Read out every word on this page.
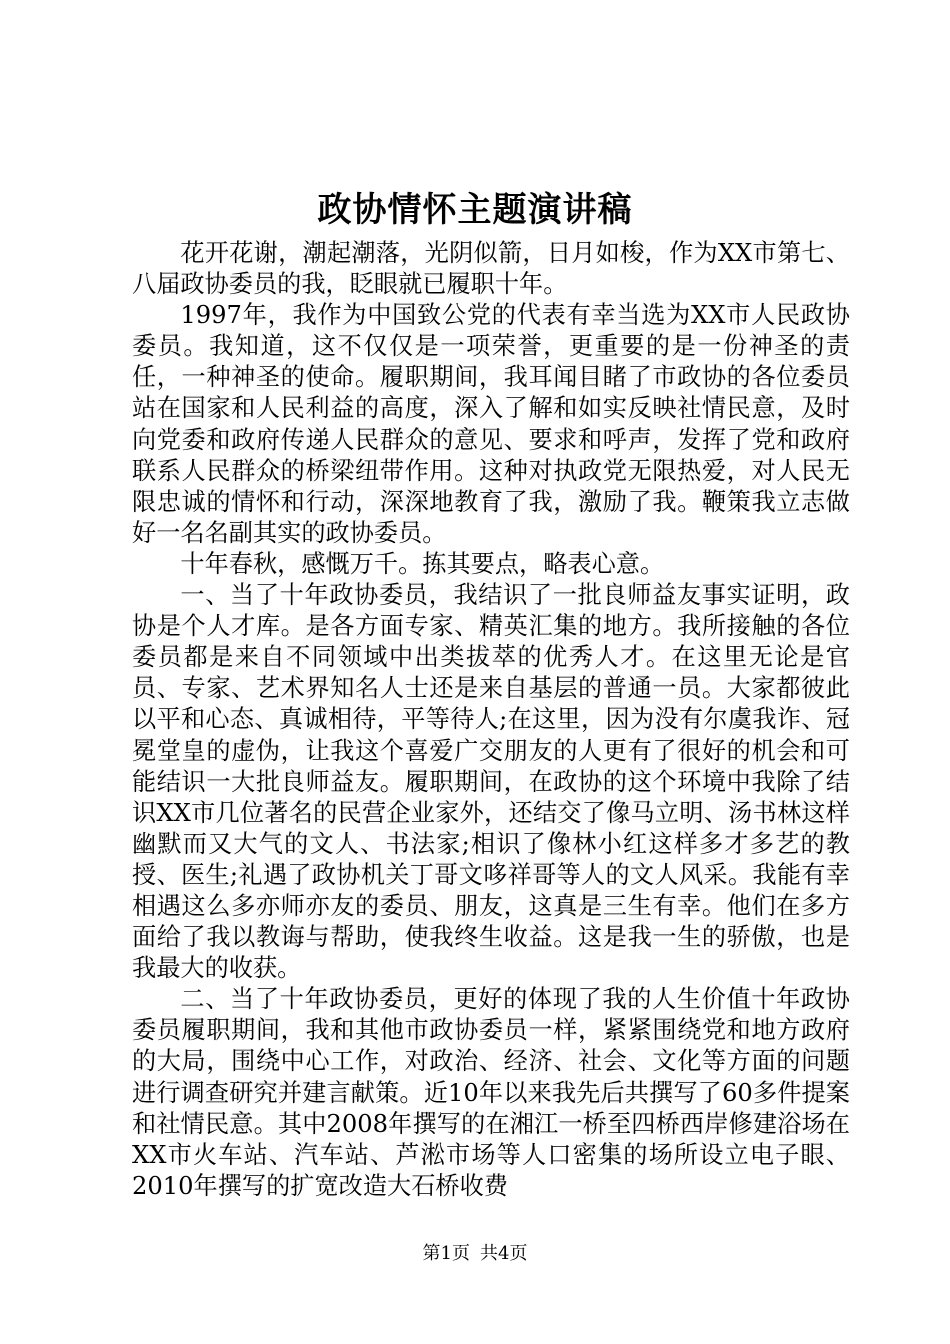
政协情怀主题演讲稿

花开花谢，潮起潮落，光阴似箭，日月如梭，作为XX市第七、八届政协委员的我，眨眼就已履职十年。

1997年，我作为中国致公党的代表有幸当选为XX市人民政协委员。我知道，这不仅仅是一项荣誉，更重要的是一份神圣的责任，一种神圣的使命。履职期间，我耳闻目睹了市政协的各位委员站在国家和人民利益的高度，深入了解和如实反映社情民意，及时向党委和政府传递人民群众的意见、要求和呼声，发挥了党和政府联系人民群众的桥梁纽带作用。这种对执政党无限热爱，对人民无限忠诚的情怀和行动，深深地教育了我，激励了我。鞭策我立志做好一名名副其实的政协委员。

十年春秋，感慨万千。拣其要点，略表心意。

一、当了十年政协委员，我结识了一批良师益友事实证明，政协是个人才库。是各方面专家、精英汇集的地方。我所接触的各位委员都是来自不同领域中出类拔萃的优秀人才。在这里无论是官员、专家、艺术界知名人士还是来自基层的普通一员。大家都彼此以平和心态、真诚相待，平等待人;在这里，因为没有尔虞我诈、冠冕堂皇的虚伪，让我这个喜爱广交朋友的人更有了很好的机会和可能结识一大批良师益友。履职期间，在政协的这个环境中我除了结识XX市几位著名的民营企业家外，还结交了像马立明、汤书林这样幽默而又大气的文人、书法家;相识了像林小红这样多才多艺的教授、医生;礼遇了政协机关丁哥文哆祥哥等人的文人风采。我能有幸相遇这么多亦师亦友的委员、朋友，这真是三生有幸。他们在多方面给了我以教诲与帮助，使我终生收益。这是我一生的骄傲，也是我最大的收获。

二、当了十年政协委员，更好的体现了我的人生价值十年政协委员履职期间，我和其他市政协委员一样，紧紧围绕党和地方政府的大局，围绕中心工作，对政治、经济、社会、文化等方面的问题进行调查研究并建言献策。近10年以来我先后共撰写了60多件提案和社情民意。其中2008年撰写的在湘江一桥至四桥西岸修建浴场在XX市火车站、汽车站、芦淞市场等人口密集的场所设立电子眼、2010年撰写的扩宽改造大石桥收费

第1页 共4页
